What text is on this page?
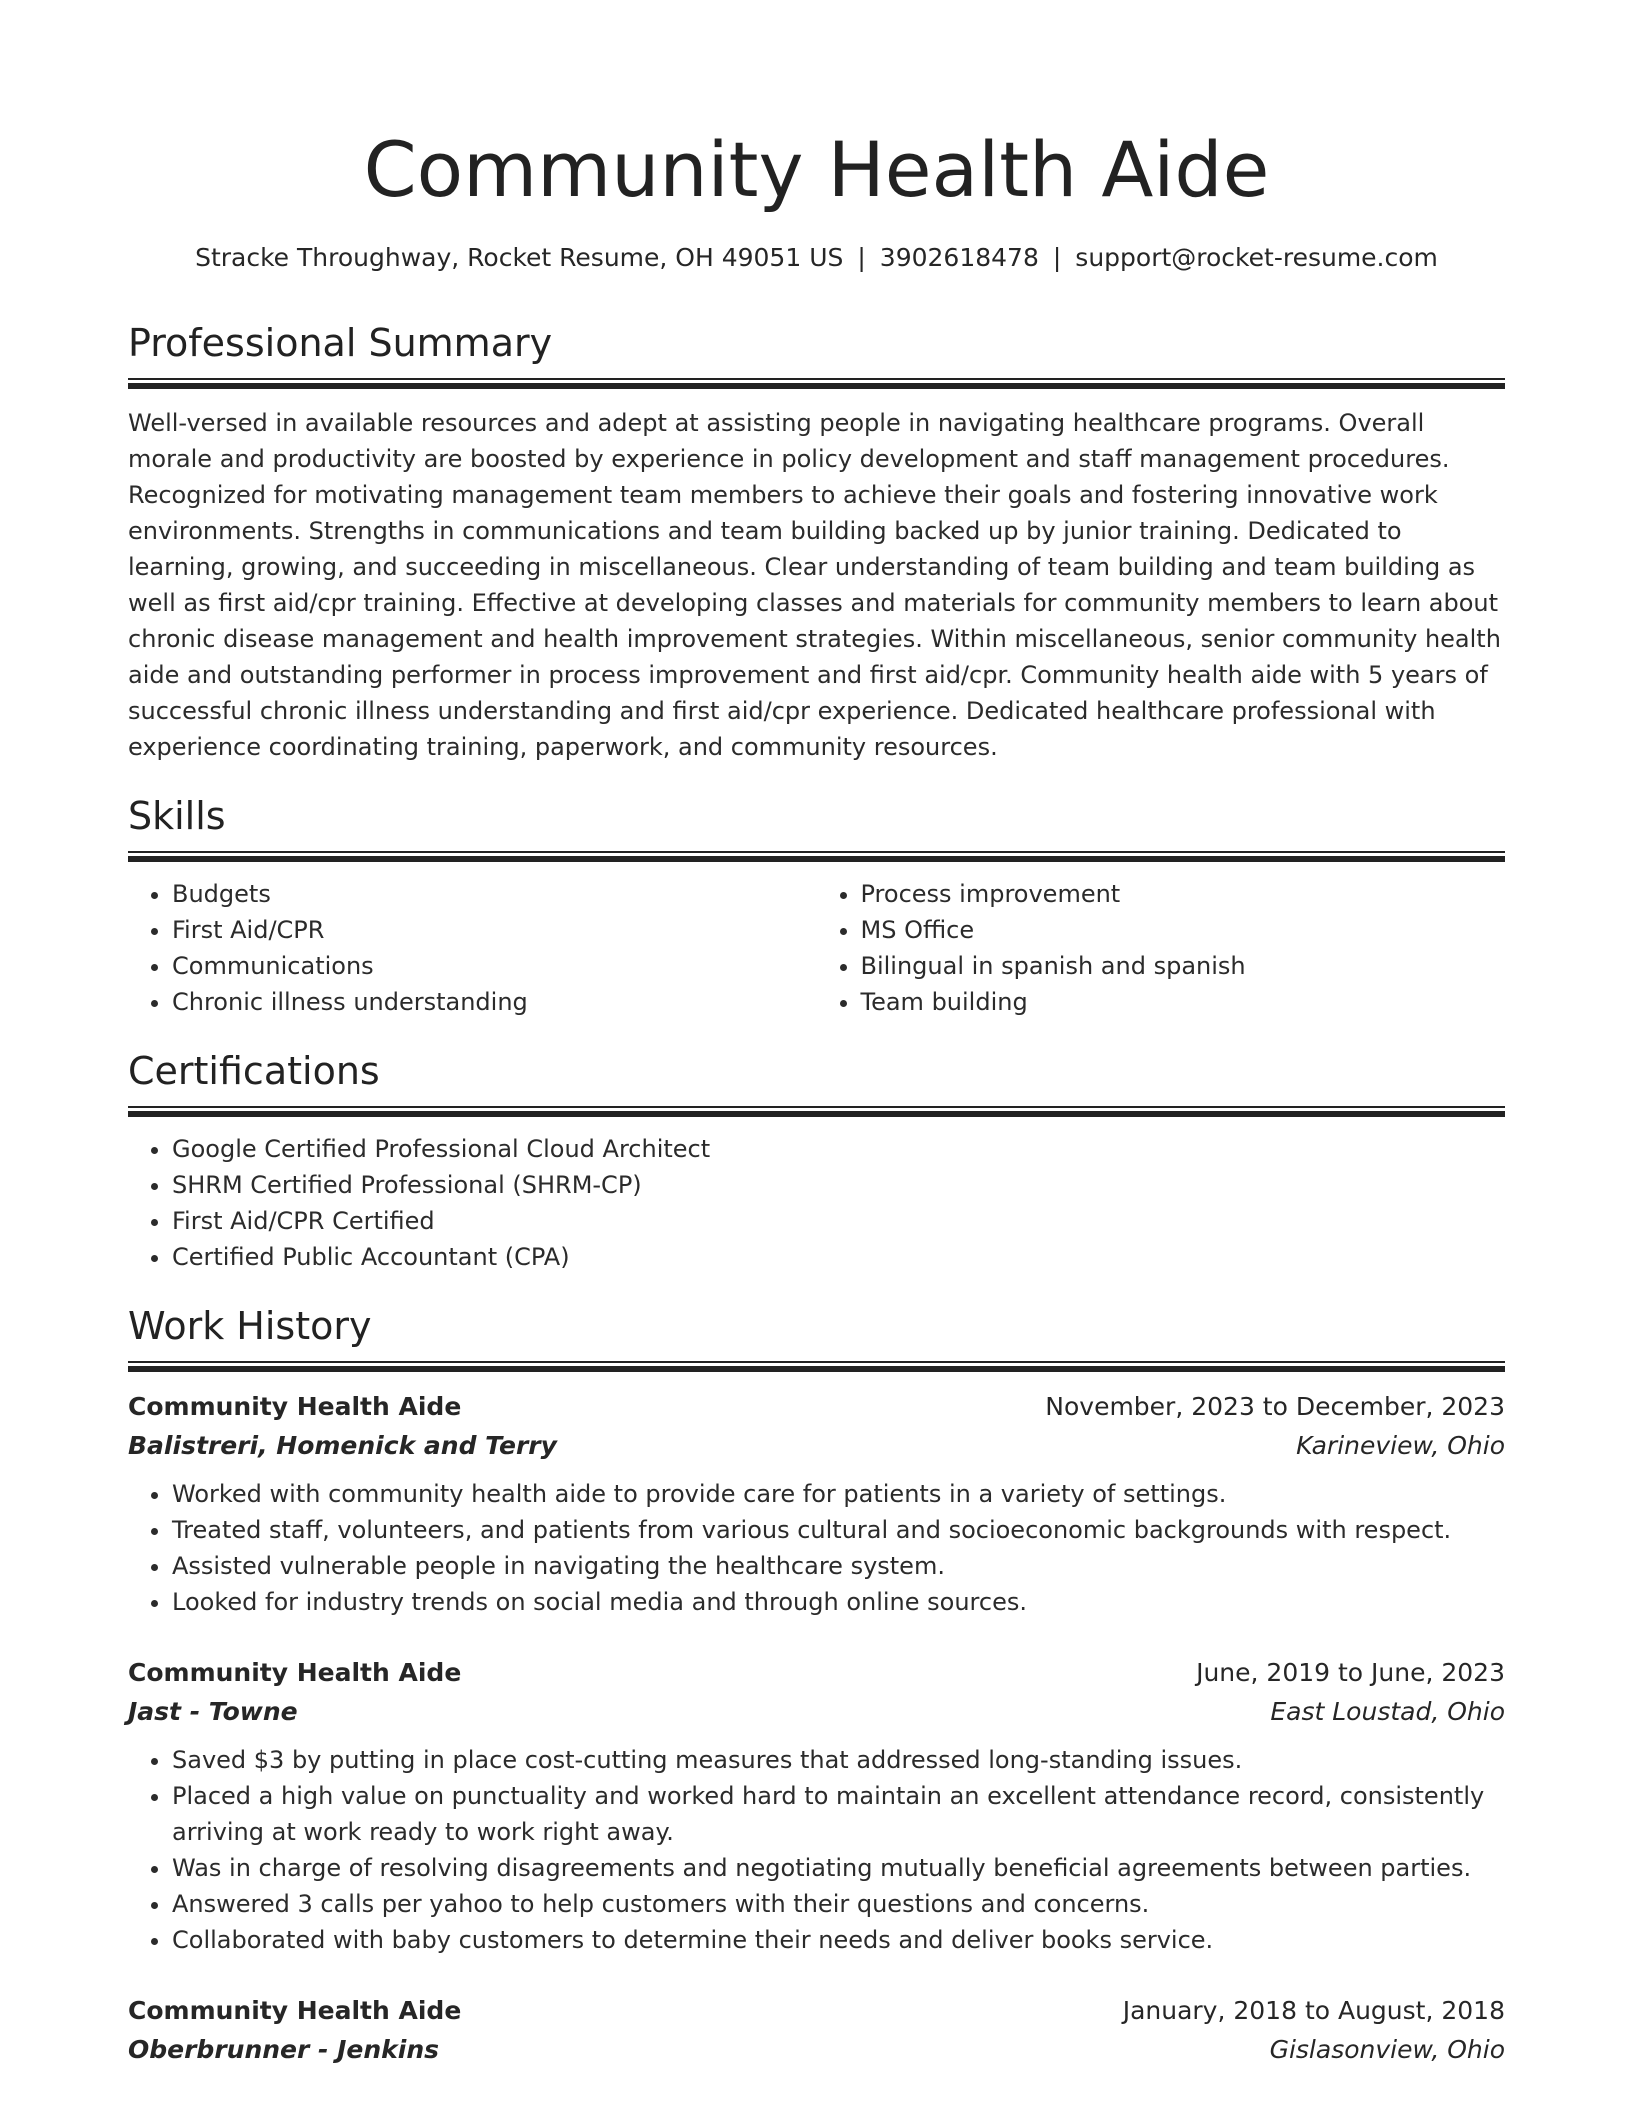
Community Health Aide
Stracke Throughway, Rocket Resume, OH 49051 US | 3902618478 | support@rocket-resume.com
Professional Summary

Well-versed in available resources and adept at assisting people in navigating healthcare programs. Overall morale and productivity are boosted by experience in policy development and staff management procedures. Recognized for motivating management team members to achieve their goals and fostering innovative work environments. Strengths in communications and team building backed up by junior training. Dedicated to learning, growing, and succeeding in miscellaneous. Clear understanding of team building and team building as well as first aid/cpr training. Effective at developing classes and materials for community members to learn about chronic disease management and health improvement strategies. Within miscellaneous, senior community health aide and outstanding performer in process improvement and first aid/cpr. Community health aide with 5 years of successful chronic illness understanding and first aid/cpr experience. Dedicated healthcare professional with experience coordinating training, paperwork, and community resources.

Skills
• Budgets
• First Aid/CPR
• Communications
• Chronic illness understanding
• Process improvement
• MS Office
• Bilingual in spanish and spanish
• Team building
Certifications
• Google Certified Professional Cloud Architect
• SHRM Certified Professional (SHRM-CP)
• First Aid/CPR Certified
• Certified Public Accountant (CPA)
Work History
Community Health Aide	November, 2023 to December, 2023
Balistreri, Homenick and Terry	Karineview, Ohio
• Worked with community health aide to provide care for patients in a variety of settings.
• Treated staff, volunteers, and patients from various cultural and socioeconomic backgrounds with respect.
• Assisted vulnerable people in navigating the healthcare system.
• Looked for industry trends on social media and through online sources.
Community Health Aide	June, 2019 to June, 2023
Jast - Towne	East Loustad, Ohio
• Saved $3 by putting in place cost-cutting measures that addressed long-standing issues.
• Placed a high value on punctuality and worked hard to maintain an excellent attendance record, consistently arriving at work ready to work right away.
• Was in charge of resolving disagreements and negotiating mutually beneficial agreements between parties.
• Answered 3 calls per yahoo to help customers with their questions and concerns.
• Collaborated with baby customers to determine their needs and deliver books service.
Community Health Aide	January, 2018 to August, 2018
Oberbrunner - Jenkins	Gislasonview, Ohio
